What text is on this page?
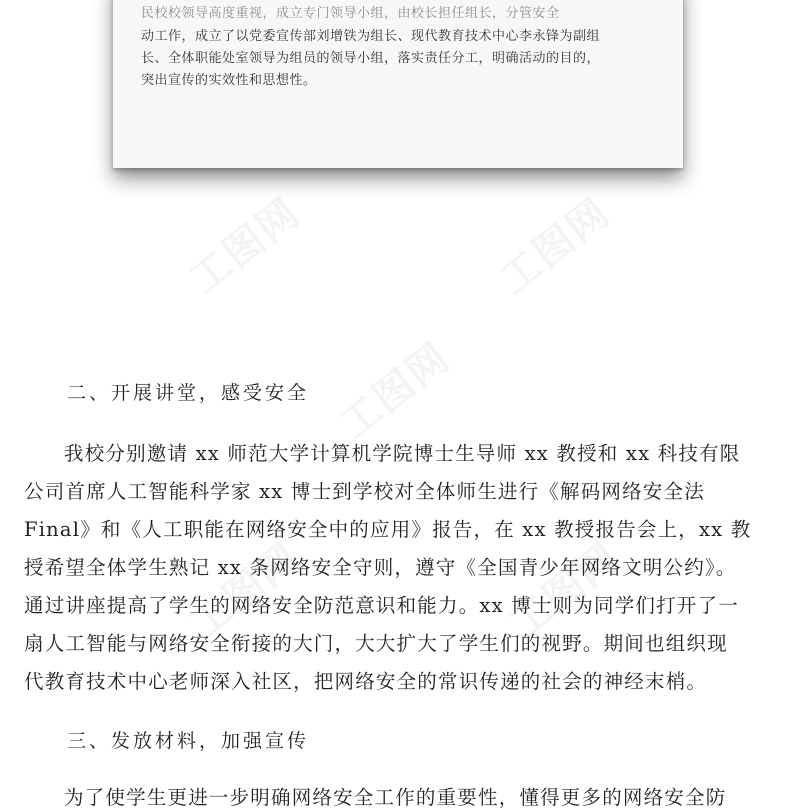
民校校领导高度重视，成立专门领导小组，由校长担任组长，分管安全
动工作，成立了以党委宣传部刘增铁为组长、现代教育技术中心李永锋为副组
长、全体职能处室领导为组员的领导小组，落实责任分工，明确活动的目的，
突出宣传的实效性和思想性。
工图网	工图网
工图网
工图网	工图网
二、开展讲堂，感受安全
我校分别邀请 xx 师范大学计算机学院博士生导师 xx 教授和 xx 科技有限
公司首席人工智能科学家 xx 博士到学校对全体师生进行《解码网络安全法
Final》和《人工职能在网络安全中的应用》报告，在 xx 教授报告会上，xx 教
授希望全体学生熟记 xx 条网络安全守则，遵守《全国青少年网络文明公约》。
通过讲座提高了学生的网络安全防范意识和能力。xx 博士则为同学们打开了一
扇人工智能与网络安全衔接的大门，大大扩大了学生们的视野。期间也组织现
代教育技术中心老师深入社区，把网络安全的常识传递的社会的神经末梢。
三、发放材料，加强宣传
为了使学生更进一步明确网络安全工作的重要性，懂得更多的网络安全防
